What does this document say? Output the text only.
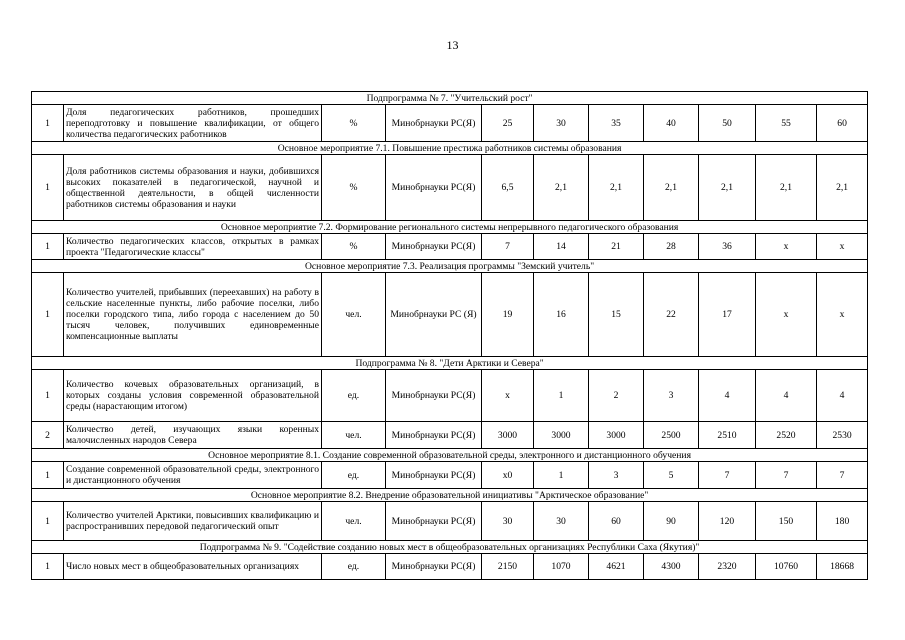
13
Подпрограмма № 7. "Учительский рост"										
1	Доля педагогических работников, прошедших переподготовку и повышение квалификации, от общего количества педагогических работников	%	Минобрнауки РС(Я)	25	30	35	40	50	55	60
Основное мероприятие 7.1. Повышение престижа работников системы образования										
1	Доля работников системы образования и науки, добившихся высоких показателей в педагогической, научной и общественной деятельности, в общей численности работников системы образования и науки	%	Минобрнауки РС(Я)	6,5	2,1	2,1	2,1	2,1	2,1	2,1
Основное мероприятие 7.2. Формирование регионального системы непрерывного педагогического образования										
1	Количество педагогических классов, открытых в рамках проекта "Педагогические классы"	%	Минобрнауки РС(Я)	7	14	21	28	36	х	х
Основное мероприятие 7.3. Реализация программы "Земский учитель"										
1	Количество учителей, прибывших (переехавших) на работу в сельские населенные пункты, либо рабочие поселки, либо поселки городского типа, либо города с населением до 50 тысяч человек, получивших единовременные компенсационные выплаты	чел.	Минобрнауки РС (Я)	19	16	15	22	17	х	х
Подпрограмма № 8. "Дети Арктики и Севера"										
1	Количество кочевых образовательных организаций, в которых созданы условия современной образовательной среды (нарастающим итогом)	ед.	Минобрнауки РС(Я)	х	1	2	3	4	4	4
2	Количество детей, изучающих языки коренных малочисленных народов Севера	чел.	Минобрнауки РС(Я)	3000	3000	3000	2500	2510	2520	2530
Основное мероприятие 8.1. Создание современной образовательной среды, электронного и дистанционного обучения										
1	Создание современной образовательной среды, электронного и дистанционного обучения	ед.	Минобрнауки РС(Я)	х0	1	3	5	7	7	7
Основное мероприятие 8.2. Внедрение образовательной инициативы "Арктическое образование"										
1	Количество учителей Арктики, повысивших квалификацию и распространивших передовой педагогический опыт	чел.	Минобрнауки РС(Я)	30	30	60	90	120	150	180
Подпрограмма № 9. "Содействие созданию новых мест в общеобразовательных организациях Республики Саха (Якутия)"										
1	Число новых мест в общеобразовательных организациях	ед.	Минобрнауки РС(Я)	2150	1070	4621	4300	2320	10760	18668
